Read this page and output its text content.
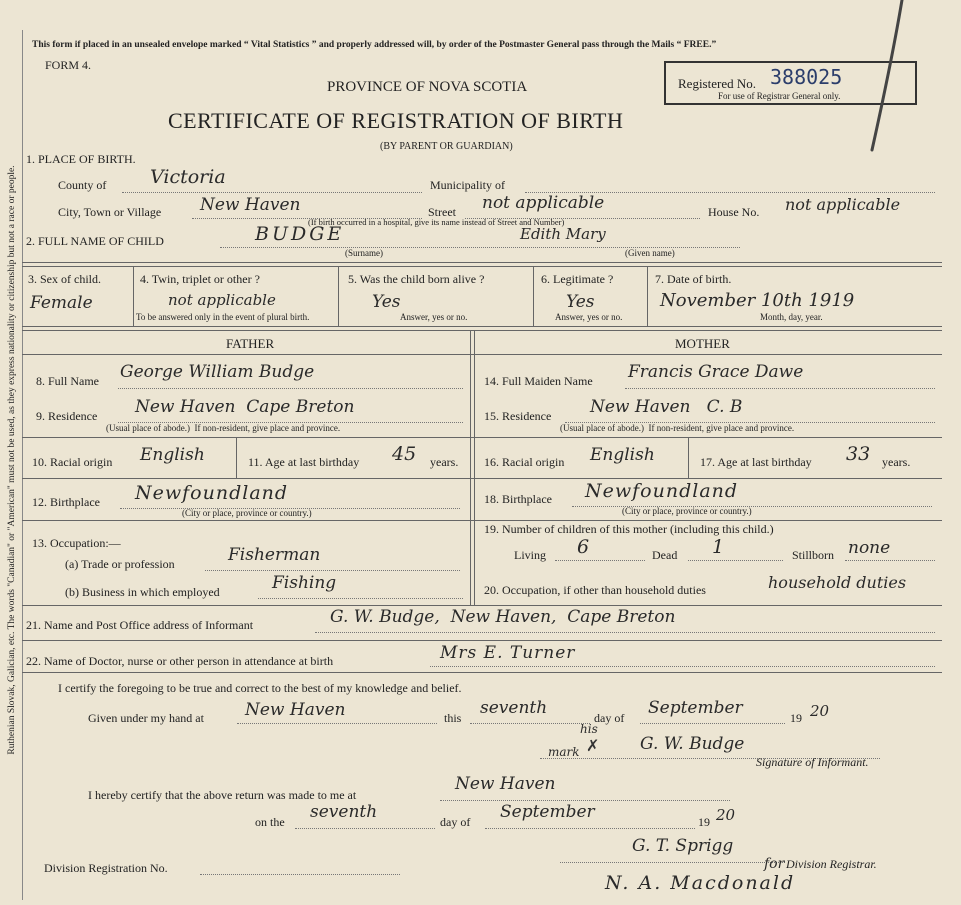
Ruthenian Slovak, Galician, etc. The words "Canadian" or "American" must not be used, as they express nationality or citizenship but not a race or people.
This form if placed in an unsealed envelope marked “ Vital Statistics ” and properly addressed will, by order of the Postmaster General pass through the Mails “ FREE.”
FORM 4.
PROVINCE OF NOVA SCOTIA
CERTIFICATE OF REGISTRATION OF BIRTH
(BY PARENT OR GUARDIAN)
Registered No. 388025
For use of Registrar General only.
1. PLACE OF BIRTH.
County of Victoria	Municipality of
City, Town or Village New Haven	Street not applicable	House No. not applicable
(If birth occurred in a hospital, give its name instead of Street and Number)
2. FULL NAME OF CHILD	BUDGE
(Surname)
Edith Mary
(Given name)
3. Sex of child.
Female
4. Twin, triplet or other ?
not applicable
To be answered only in the event of plural birth.
5. Was the child born alive ?
Yes
Answer, yes or no.
6. Legitimate ?
Yes
Answer, yes or no.
7. Date of birth.
November 10th 1919
Month, day, year.
FATHER	MOTHER
8. Full Name George William Budge
9. Residence New Haven  Cape Breton
(Usual place of abode.)  If non-resident, give place and province.
10. Racial origin English	11. Age at last birthday 45 years.
12. Birthplace Newfoundland
(City or place, province or country.)
13. Occupation:—
(a) Trade or profession	Fisherman
(b) Business in which employed	Fishing
14. Full Maiden Name Francis Grace Dawe
15. Residence New Haven   C. B
(Usual place of abode.)  If non-resident, give place and province.
16. Racial origin English	17. Age at last birthday 33 years.
18. Birthplace Newfoundland
(City or place, province or country.)
19. Number of children of this mother (including this child.)
Living 6	Dead 1	Stillborn none
20. Occupation, if other than household duties	household duties
21. Name and Post Office address of Informant	G. W. Budge,  New Haven,  Cape Breton
22. Name of Doctor, nurse or other person in attendance at birth	Mrs E. Turner
I certify the foregoing to be true and correct to the best of my knowledge and belief.
Given under my hand at New Haven	this seventh	day of September	19 20
his
mark ✗ G. W. Budge
Signature of Informant.
I hereby certify that the above return was made to me at
New Haven
on the seventh	day of September	19 20
Division Registration No.
G. T. Sprigg
for Division Registrar.
N. A. Macdonald
